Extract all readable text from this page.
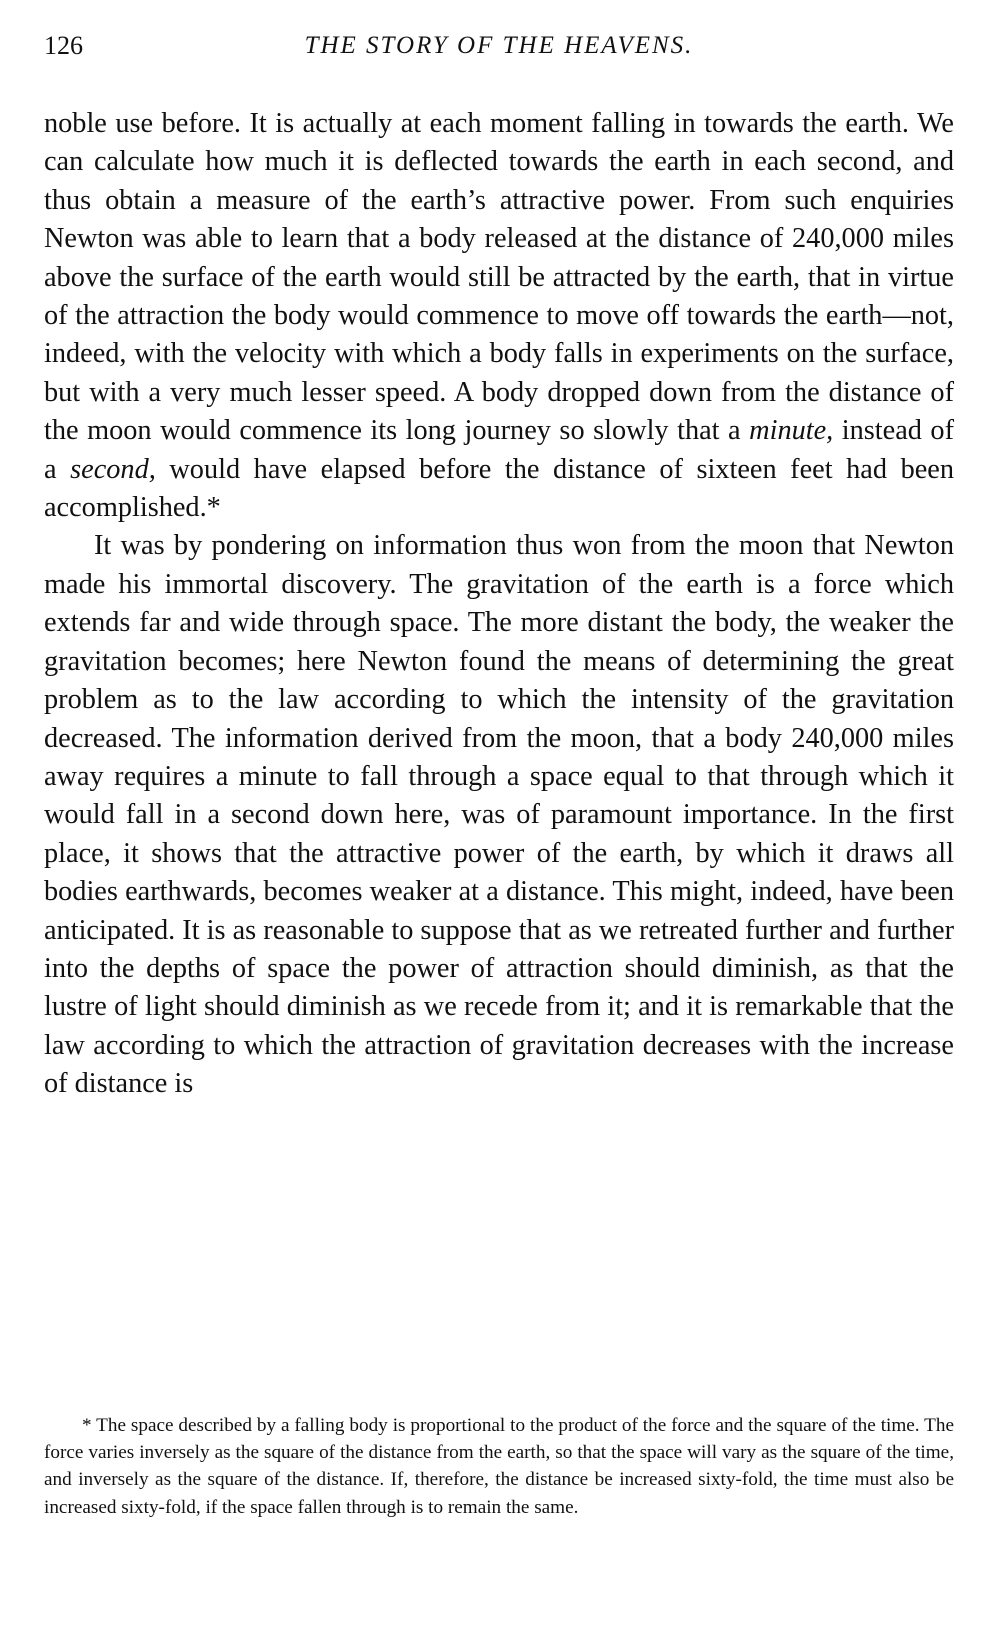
126	THE STORY OF THE HEAVENS.

noble use before. It is actually at each moment falling in towards the earth. We can calculate how much it is deflected towards the earth in each second, and thus obtain a measure of the earth’s attractive power. From such enquiries Newton was able to learn that a body released at the distance of 240,000 miles above the surface of the earth would still be attracted by the earth, that in virtue of the attraction the body would commence to move off towards the earth—not, indeed, with the velocity with which a body falls in experiments on the surface, but with a very much lesser speed. A body dropped down from the distance of the moon would commence its long journey so slowly that a minute, instead of a second, would have elapsed before the distance of sixteen feet had been accomplished.*

It was by pondering on information thus won from the moon that Newton made his immortal discovery. The gravitation of the earth is a force which extends far and wide through space. The more distant the body, the weaker the gravitation becomes; here Newton found the means of determining the great problem as to the law according to which the intensity of the gravitation decreased. The information derived from the moon, that a body 240,000 miles away requires a minute to fall through a space equal to that through which it would fall in a second down here, was of paramount importance. In the first place, it shows that the attractive power of the earth, by which it draws all bodies earthwards, becomes weaker at a distance. This might, indeed, have been anticipated. It is as reasonable to suppose that as we retreated further and further into the depths of space the power of attraction should diminish, as that the lustre of light should diminish as we recede from it; and it is remarkable that the law according to which the attraction of gravitation decreases with the increase of distance is

* The space described by a falling body is proportional to the product of the force and the square of the time. The force varies inversely as the square of the distance from the earth, so that the space will vary as the square of the time, and inversely as the square of the distance. If, therefore, the distance be increased sixty-fold, the time must also be increased sixty-fold, if the space fallen through is to remain the same.
